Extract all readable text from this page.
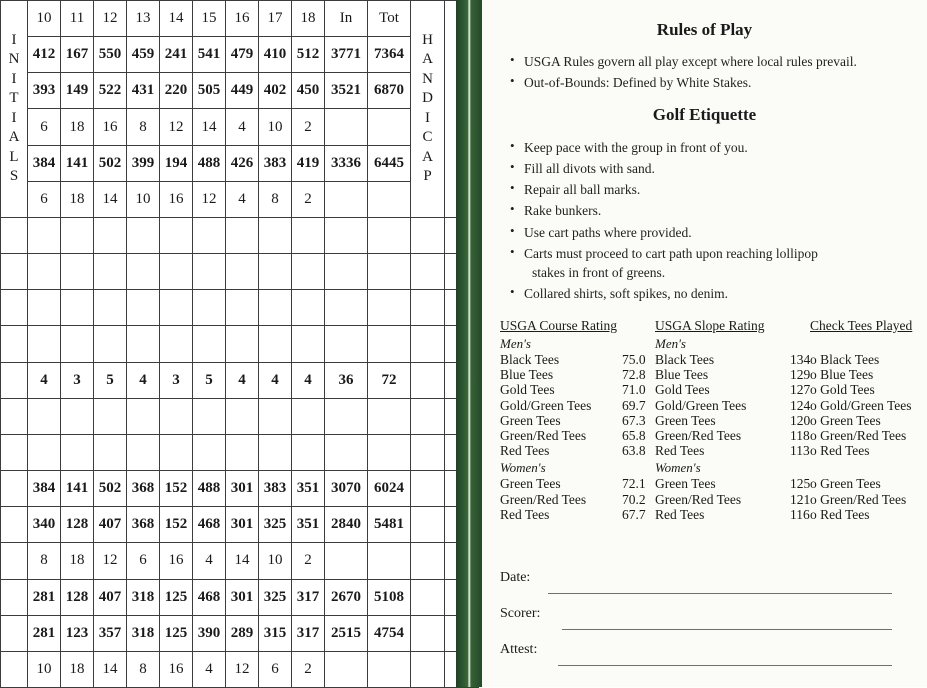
I
N
I
T
I
A
L
S
	10	11	12	13	14	15	16	17	18	In	Tot	
H
A
N
D
I
C
A
P

	412	167	550	459	241	541	479	410	512	3771	7364		
	393	149	522	431	220	505	449	402	450	3521	6870		
	6	18	16	8	12	14	4	10	2				
	384	141	502	399	194	488	426	383	419	3336	6445		
	6	18	14	10	16	12	4	8	2				

	4	3	5	4	3	5	4	4	4	36	72		

	384	141	502	368	152	488	301	383	351	3070	6024		
	340	128	407	368	152	468	301	325	351	2840	5481		
	8	18	12	6	16	4	14	10	2				
	281	128	407	318	125	468	301	325	317	2670	5108		
	281	123	357	318	125	390	289	315	317	2515	4754		
	10	18	14	8	16	4	12	6	2				
Rules of Play
• USGA Rules govern all play except where local rules prevail.
• Out-of-Bounds: Defined by White Stakes.
Golf Etiquette
• Keep pace with the group in front of you.
• Fill all divots with sand.
• Repair all ball marks.
• Rake bunkers.
• Use cart paths where provided.
• Carts must proceed to cart path upon reaching lollipop
stakes in front of greens.
• Collared shirts, soft spikes, no denim.
USGA Course Rating
Men's
Black Tees	75.0
Blue Tees	72.8
Gold Tees	71.0
Gold/Green Tees 69.7
Green Tees	67.3
Green/Red Tees	65.8
Red Tees	63.8
Women's
Green Tees	72.1
Green/Red Tees	70.2
Red Tees	67.7
USGA Slope Rating
Men's
Black Tees	134
Blue Tees	129
Gold Tees	127
Gold/Green Tees	124
Green Tees	120
Green/Red Tees	118
Red Tees	113
Women's
Green Tees	125
Green/Red Tees	121
Red Tees	116
Check Tees Played
o Black Tees
o Blue Tees
o Gold Tees
o Gold/Green Tees
o Green Tees
o Green/Red Tees
o Red Tees
o Green Tees
o Green/Red Tees
o Red Tees
Date:
Scorer:
Attest:
